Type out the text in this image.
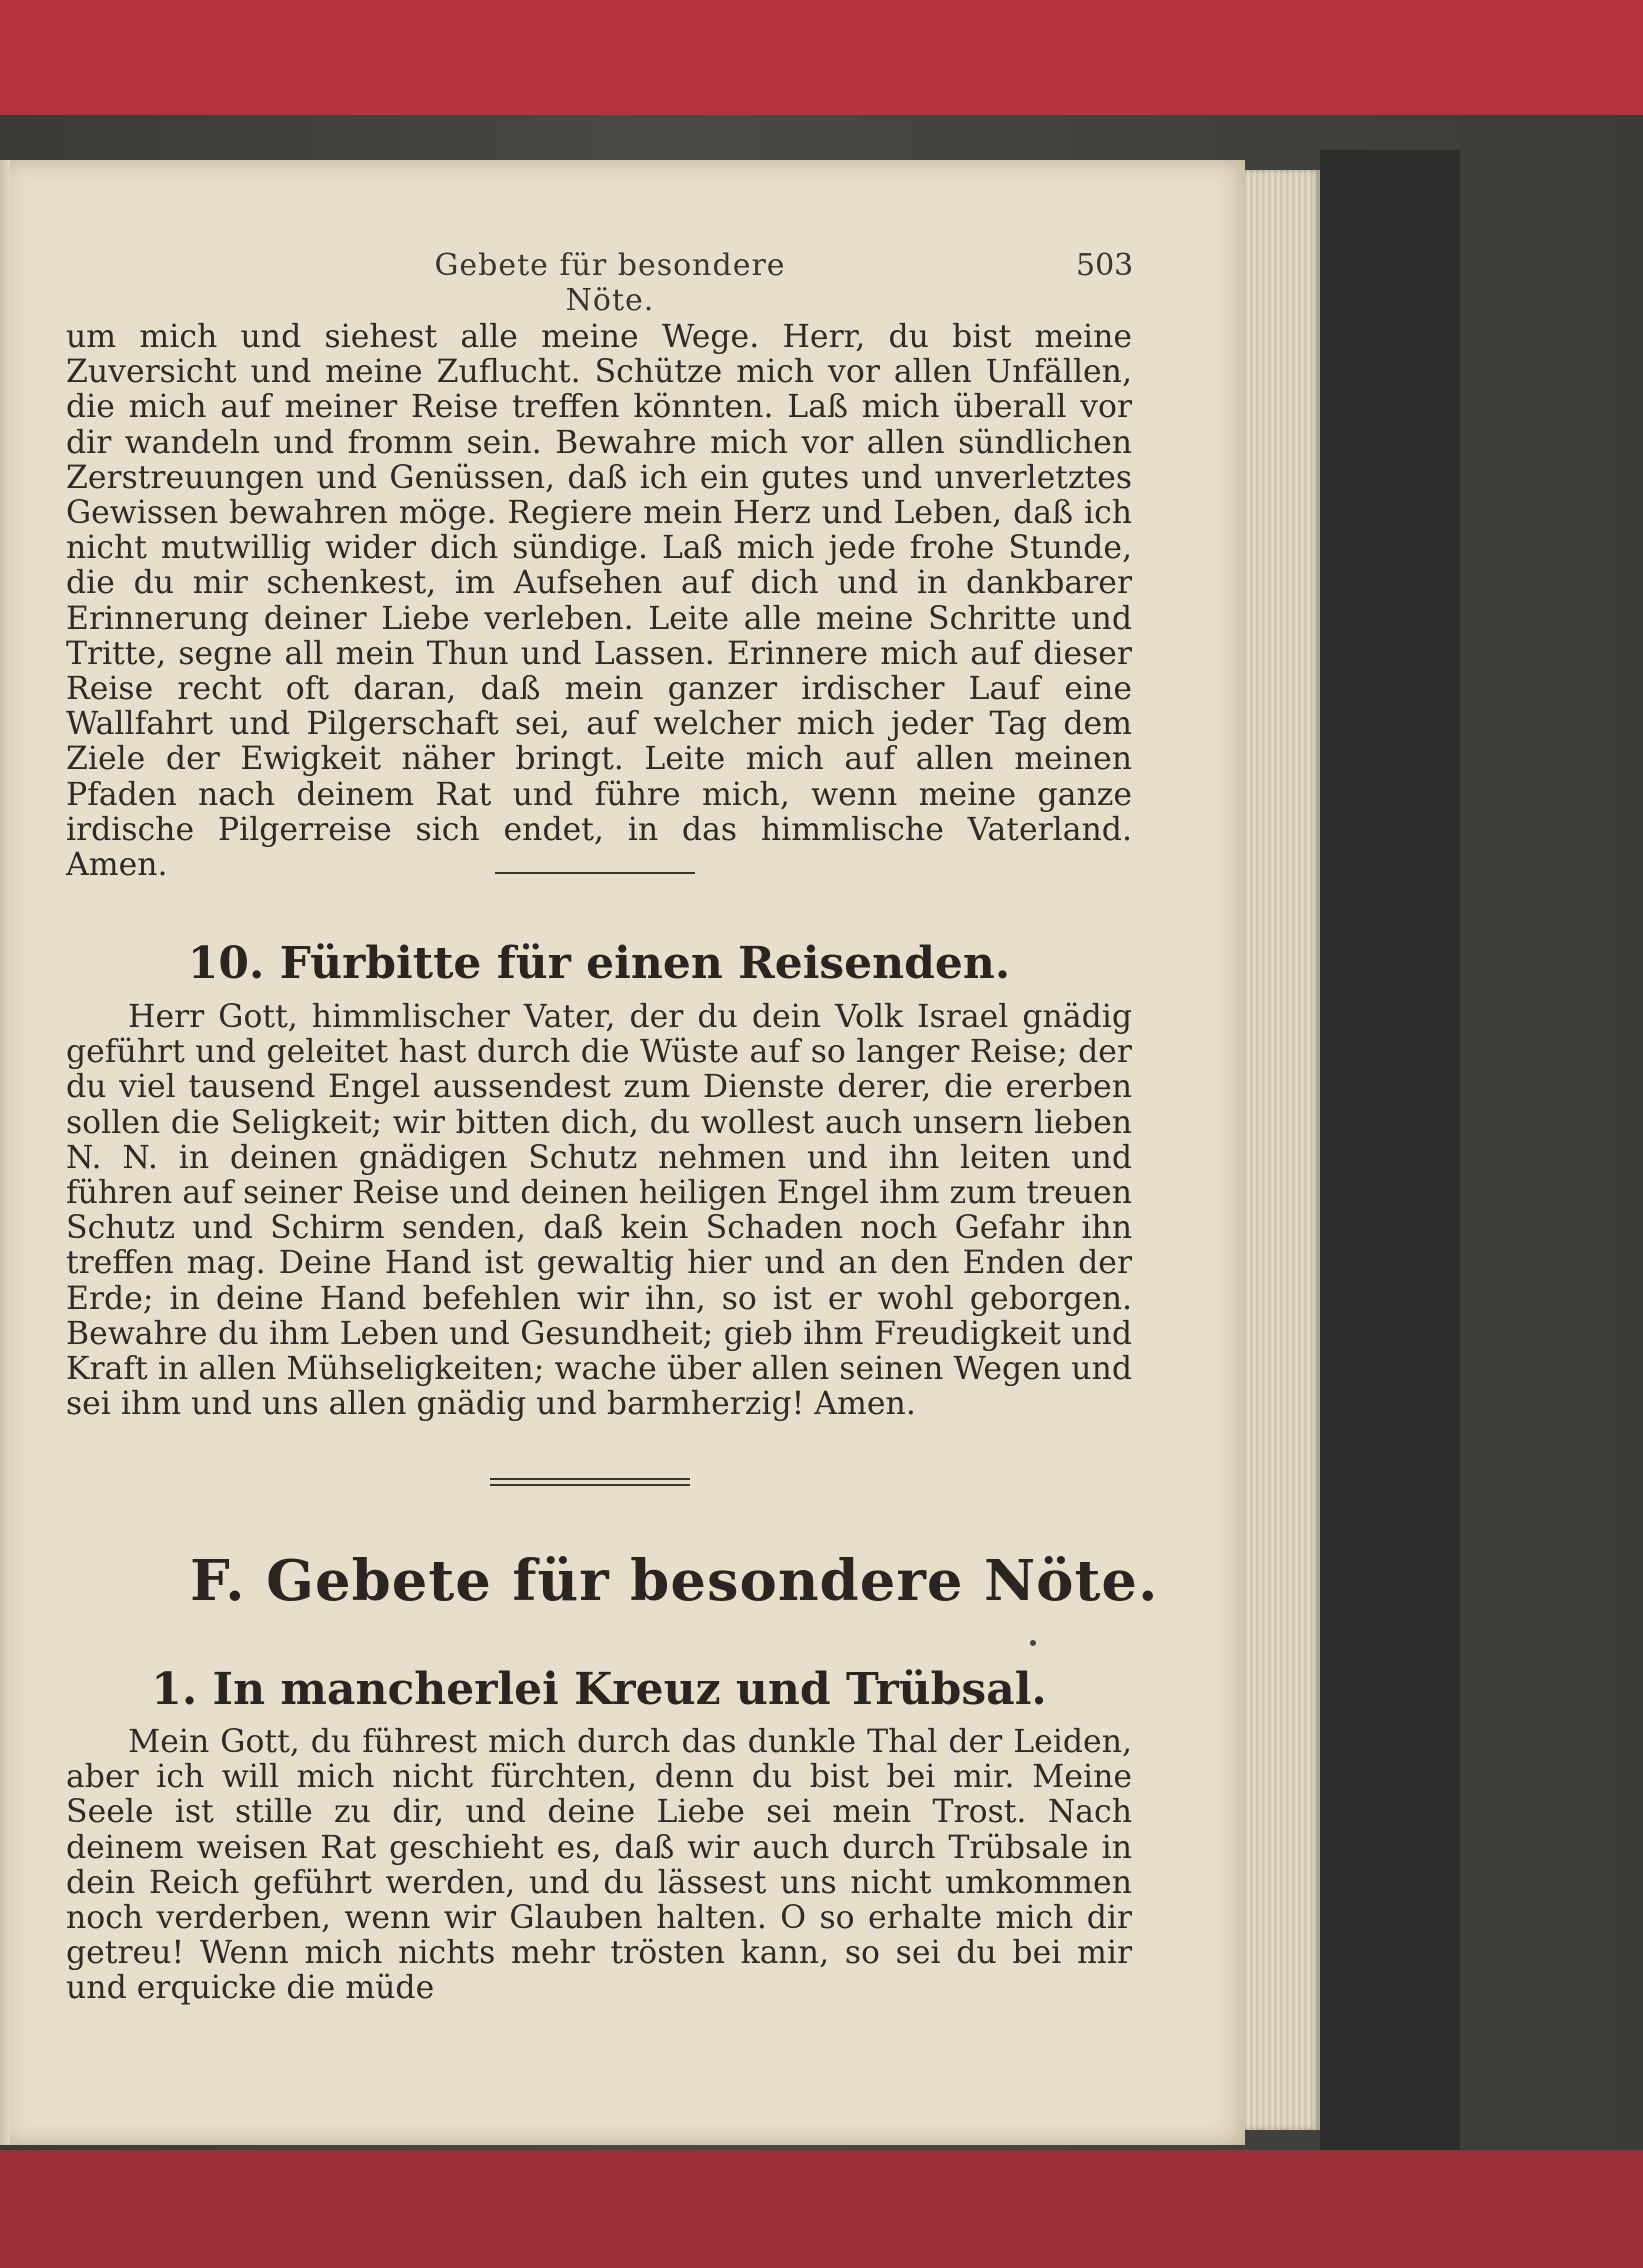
Gebete für besondere Nöte.
503
um mich und siehest alle meine Wege. Herr, du bist meine Zuversicht und meine Zuflucht. Schütze mich vor allen Unfällen, die mich auf meiner Reise treffen könnten. Laß mich überall vor dir wandeln und fromm sein. Bewahre mich vor allen sündlichen Zerstreuungen und Genüssen, daß ich ein gutes und unverletztes Gewissen bewahren möge. Regiere mein Herz und Leben, daß ich nicht mutwillig wider dich sündige. Laß mich jede frohe Stunde, die du mir schenkest, im Aufsehen auf dich und in dankbarer Erinnerung deiner Liebe verleben. Leite alle meine Schritte und Tritte, segne all mein Thun und Lassen. Erinnere mich auf dieser Reise recht oft daran, daß mein ganzer irdischer Lauf eine Wallfahrt und Pilgerschaft sei, auf welcher mich jeder Tag dem Ziele der Ewigkeit näher bringt. Leite mich auf allen meinen Pfaden nach deinem Rat und führe mich, wenn meine ganze irdische Pilgerreise sich endet, in das himmlische Vaterland. Amen.
10. Fürbitte für einen Reisenden.

Herr Gott, himmlischer Vater, der du dein Volk Israel gnädig geführt und geleitet hast durch die Wüste auf so langer Reise; der du viel tausend Engel aussendest zum Dienste derer, die ererben sollen die Seligkeit; wir bitten dich, du wollest auch unsern lieben N. N. in deinen gnädigen Schutz nehmen und ihn leiten und führen auf seiner Reise und deinen heiligen Engel ihm zum treuen Schutz und Schirm senden, daß kein Schaden noch Gefahr ihn treffen mag. Deine Hand ist gewaltig hier und an den Enden der Erde; in deine Hand befehlen wir ihn, so ist er wohl geborgen. Bewahre du ihm Leben und Gesundheit; gieb ihm Freudigkeit und Kraft in allen Mühseligkeiten; wache über allen seinen Wegen und sei ihm und uns allen gnädig und barmherzig! Amen.

F. Gebete für besondere Nöte.
1. In mancherlei Kreuz und Trübsal.

Mein Gott, du führest mich durch das dunkle Thal der Leiden, aber ich will mich nicht fürchten, denn du bist bei mir. Meine Seele ist stille zu dir, und deine Liebe sei mein Trost. Nach deinem weisen Rat geschieht es, daß wir auch durch Trübsale in dein Reich geführt werden, und du lässest uns nicht umkommen noch verderben, wenn wir Glauben halten. O so erhalte mich dir getreu! Wenn mich nichts mehr trösten kann, so sei du bei mir und erquicke die müde
